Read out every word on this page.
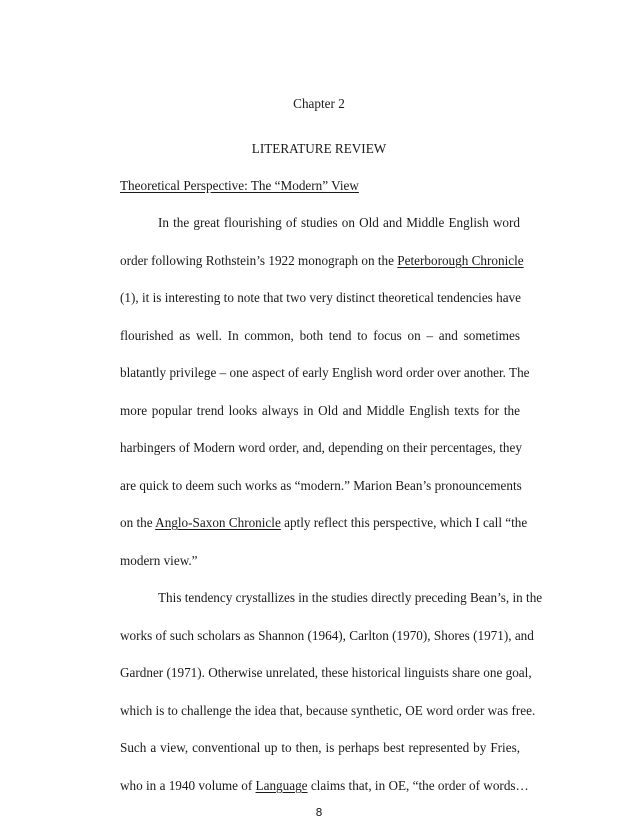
Chapter 2
LITERATURE REVIEW
Theoretical Perspective: The “Modern” View
In the great flourishing of studies on Old and Middle English word
order following Rothstein’s 1922 monograph on the Peterborough Chronicle
(1), it is interesting to note that two very distinct theoretical tendencies have
flourished as well. In common, both tend to focus on – and sometimes
blatantly privilege – one aspect of early English word order over another. The
more popular trend looks always in Old and Middle English texts for the
harbingers of Modern word order, and, depending on their percentages, they
are quick to deem such works as “modern.” Marion Bean’s pronouncements
on the Anglo-Saxon Chronicle aptly reflect this perspective, which I call “the
modern view.”
This tendency crystallizes in the studies directly preceding Bean’s, in the
works of such scholars as Shannon (1964), Carlton (1970), Shores (1971), and
Gardner (1971). Otherwise unrelated, these historical linguists share one goal,
which is to challenge the idea that, because synthetic, OE word order was free.
Such a view, conventional up to then, is perhaps best represented by Fries,
who in a 1940 volume of Language claims that, in OE, “the order of words…
8
